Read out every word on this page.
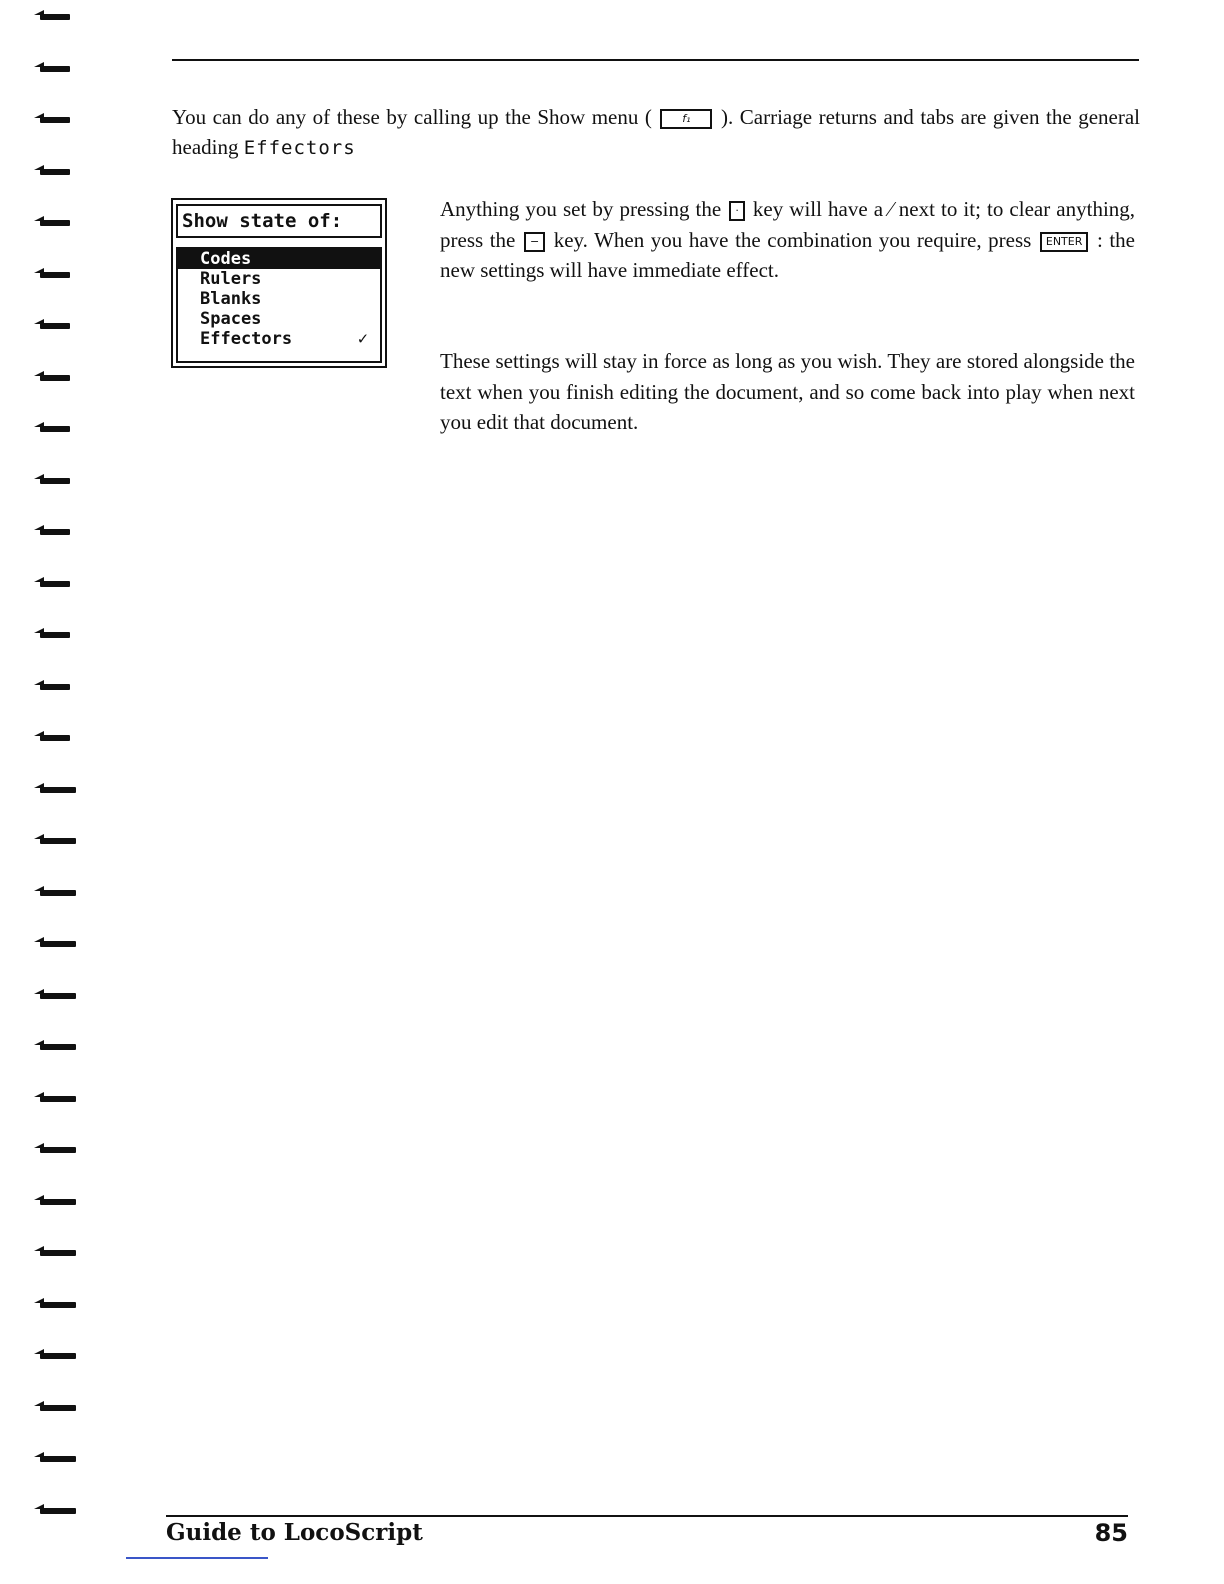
You can do any of these by calling up the Show menu (	f₁ ). Carriage returns and tabs are given the general heading Effectors
Show state of:
Codes
Rulers
Blanks
Spaces
Effectors	✓
Anything you set by pressing the · key will have a ⁄ next to it; to clear anything, press the − key. When you have the combination you require, press ENTER : the new settings will have immediate effect.
These settings will stay in force as long as you wish. They are stored alongside the text when you finish editing the document, and so come back into play when next you edit that document.
Guide to LocoScript	85
